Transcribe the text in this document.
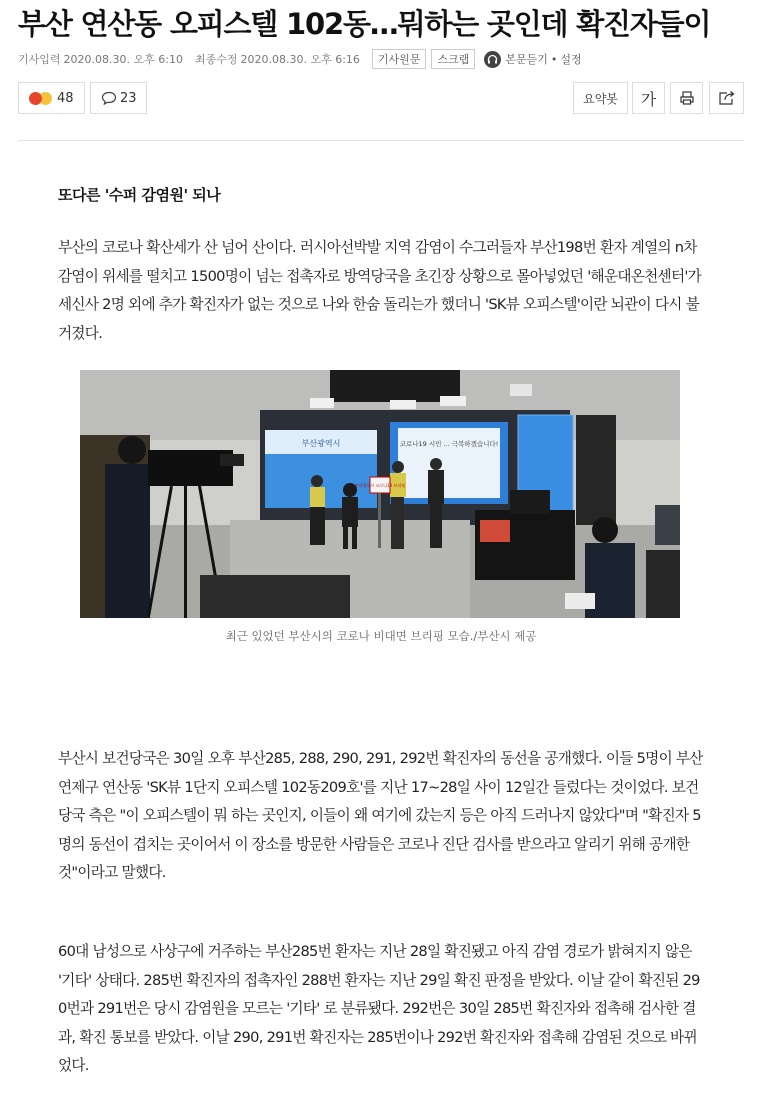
부산 연산동 오피스텔 102동…뭐하는 곳인데 확진자들이
기사입력 2020.08.30. 오후 6:10 최종수정 2020.08.30. 오후 6:16	기사원문	스크랩	본문듣기 • 설정
48	23	요약봇	가
또다른 '수퍼 감염원' 되나

부산의 코로나 확산세가 산 넘어 산이다. 러시아선박발 지역 감염이 수그러들자 부산198번 환자 계열의 n차 감염이 위세를 떨치고 1500명이 넘는 접촉자로 방역당국을 초긴장 상황으로 몰아넣었던 '해운대온천센터'가 세신사 2명 외에 추가 확진자가 없는 것으로 나와 한숨 돌리는가 했더니 'SK뷰 오피스텔'이란 뇌관이 다시 불거졌다.

부산광역시	코로나19 시민 ... 극복하겠습니다!
부산광역시 코로나19 브리핑
최근 있었던 부산시의 코로나 비대면 브리핑 모습./부산시 제공

부산시 보건당국은 30일 오후 부산285, 288, 290, 291, 292번 확진자의 동선을 공개했다. 이들 5명이 부산 연제구 연산동 'SK뷰 1단지 오피스텔 102동209호'를 지난 17~28일 사이 12일간 들렀다는 것이었다. 보건당국 측은 "이 오피스텔이 뭐 하는 곳인지, 이들이 왜 여기에 갔는지 등은 아직 드러나지 않았다"며 "확진자 5명의 동선이 겹치는 곳이어서 이 장소를 방문한 사람들은 코로나 진단 검사를 받으라고 알리기 위해 공개한 것"이라고 말했다.

60대 남성으로 사상구에 거주하는 부산285번 환자는 지난 28일 확진됐고 아직 감염 경로가 밝혀지지 않은 '기타' 상태다. 285번 확진자의 접촉자인 288번 환자는 지난 29일 확진 판정을 받았다. 이날 같이 확진된 290번과 291번은 당시 감염원을 모르는 '기타' 로 분류됐다. 292번은 30일 285번 확진자와 접촉해 검사한 결과, 확진 통보를 받았다. 이날 290, 291번 확진자는 285번이나 292번 확진자와 접촉해 감염된 것으로 바뀌었다.
